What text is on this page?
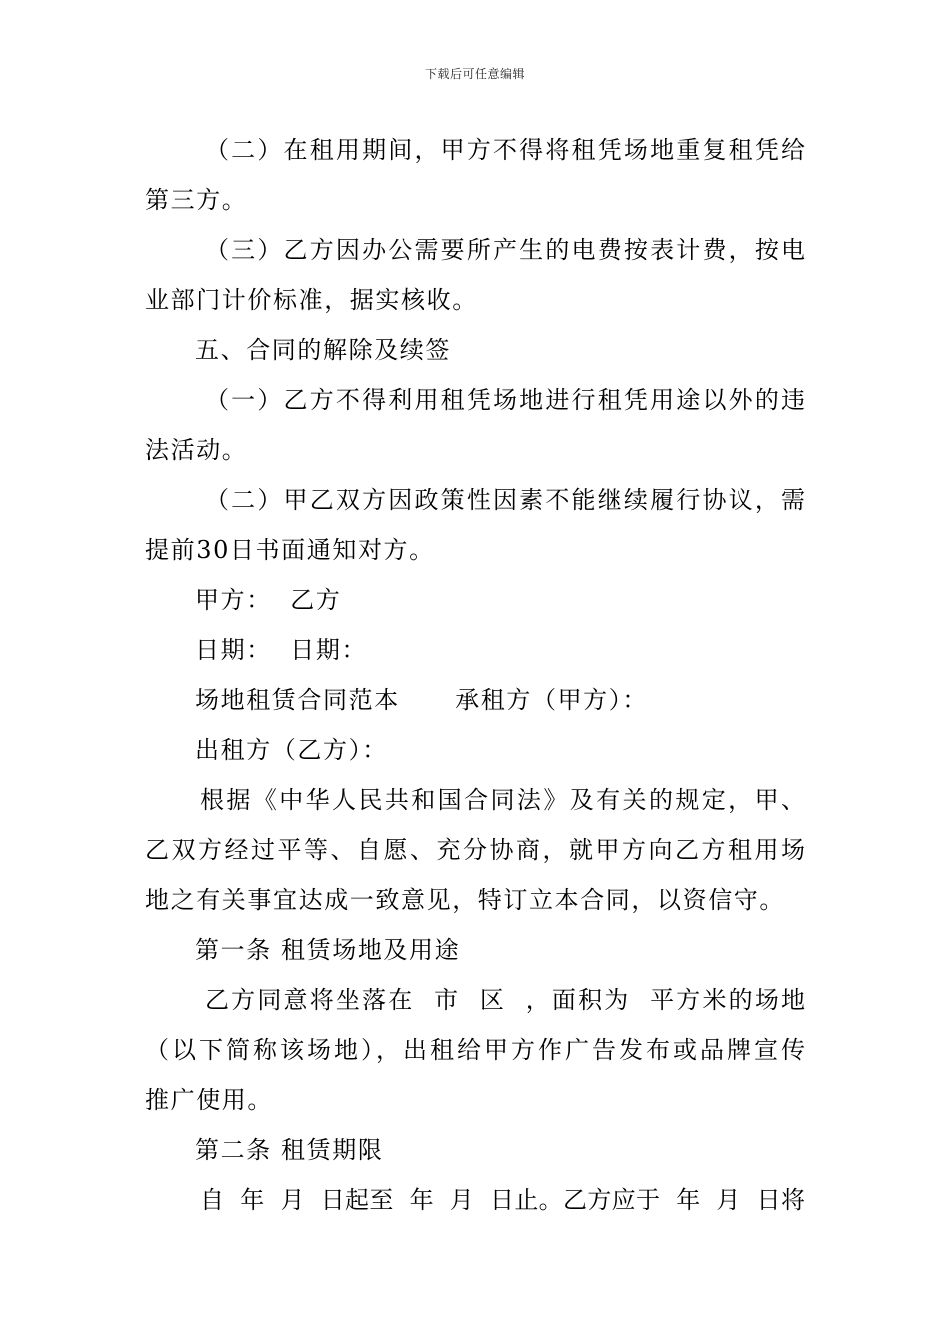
下载后可任意编辑
（二）在租用期间，甲方不得将租凭场地重复租凭给
第三方。
（三）乙方因办公需要所产生的电费按表计费，按电
业部门计价标准，据实核收。
五、合同的解除及续签
（一）乙方不得利用租凭场地进行租凭用途以外的违
法活动。
（二）甲乙双方因政策性因素不能继续履行协议，需
提前30日书面通知对方。
甲方：  乙方
日期：  日期：
场地租赁合同范本      承租方（甲方）：
出租方（乙方）：
根据《中华人民共和国合同法》及有关的规定，甲、
乙双方经过平等、自愿、充分协商，就甲方向乙方租用场
地之有关事宜达成一致意见，特订立本合同，以资信守。
第一条 租赁场地及用途
乙方同意将坐落在  市  区  ，面积为  平方米的场地
（以下简称该场地），出租给甲方作广告发布或品牌宣传
推广使用。
第二条 租赁期限
自  年  月  日起至  年  月  日止。乙方应于  年  月  日将
